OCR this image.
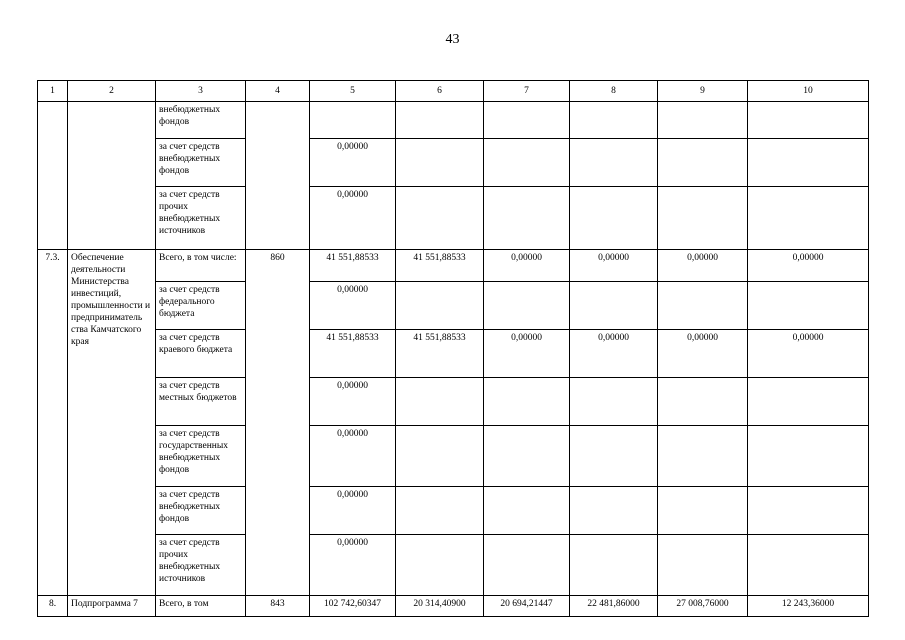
43
1	2	3	4	5	6	7	8	9	10
		внебюджетных фондов							
		за счет средств внебюджетных фондов		0,00000					
		за счет средств прочих внебюджетных источников		0,00000					
7.3.	Обеспечение деятельности Министерства инвестиций, промышленности и предприниматель ства Камчатского края	Всего, в том числе:	860	41 551,88533	41 551,88533	0,00000	0,00000	0,00000	0,00000
		за счет средств федерального бюджета		0,00000					
		за счет средств краевого бюджета		41 551,88533	41 551,88533	0,00000	0,00000	0,00000	0,00000
		за счет средств местных бюджетов		0,00000					
		за счет средств государственных внебюджетных фондов		0,00000					
		за счет средств внебюджетных фондов		0,00000					
		за счет средств прочих внебюджетных источников		0,00000					
8.	Подпрограмма 7	Всего, в том	843	102 742,60347	20 314,40900	20 694,21447	22 481,86000	27 008,76000	12 243,36000
